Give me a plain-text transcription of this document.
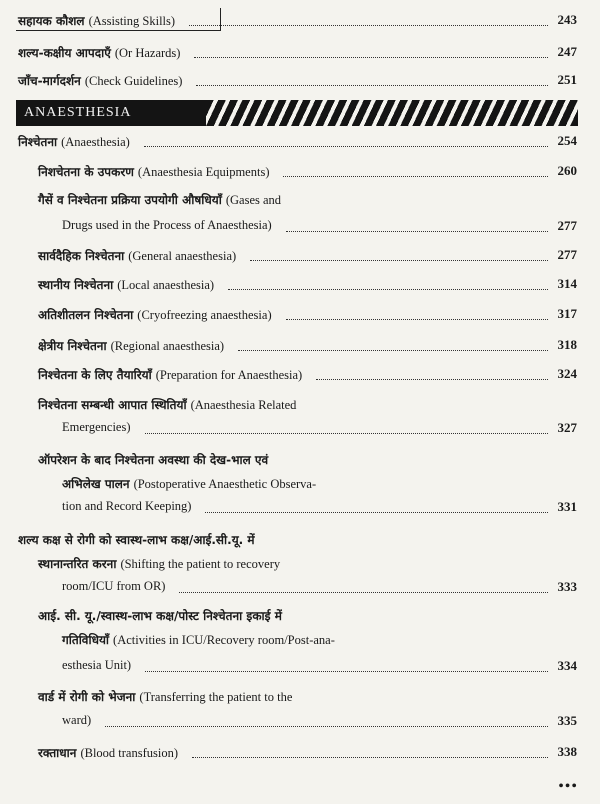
सहायक कौशल (Assisting Skills)	243
शल्य-कक्षीय आपदाएँ (Or Hazards)	247
जाँच-मार्गदर्शन (Check Guidelines)	251
ANAESTHESIA
निश्चेतना (Anaesthesia)	254
निशचेतना के उपकरण (Anaesthesia Equipments)	260
गैसें व निश्चेतना प्रक्रिया उपयोगी औषधियाँ (Gases and
Drugs used in the Process of Anaesthesia)	277
सार्वदैहिक निश्चेतना (General anaesthesia)	277
स्थानीय निश्चेतना (Local anaesthesia)	314
अतिशीतलन निश्चेतना (Cryofreezing anaesthesia)	317
क्षेत्रीय निश्चेतना (Regional anaesthesia)	318
निश्चेतना के लिए तैयारियाँ (Preparation for Anaesthesia)	324
निश्चेतना सम्बन्धी आपात स्थितियाँ (Anaesthesia Related
Emergencies)	327
ऑपरेशन के बाद निश्चेतना अवस्था की देख-भाल एवं
अभिलेख पालन (Postoperative Anaesthetic Observa-
tion and Record Keeping)	331
शल्य कक्ष से रोगी को स्वास्थ-लाभ कक्ष/आई.सी.यू. में
स्थानान्तरित करना (Shifting the patient to recovery
room/ICU from OR)	333
आई. सी. यू./स्वास्थ-लाभ कक्ष/पोस्ट निश्चेतना इकाई में
गतिविधियाँ (Activities in ICU/Recovery room/Post-ana-
esthesia Unit)	334
वार्ड में रोगी को भेजना (Transferring the patient to the
ward)	335
रक्ताधान (Blood transfusion)	338
•••
